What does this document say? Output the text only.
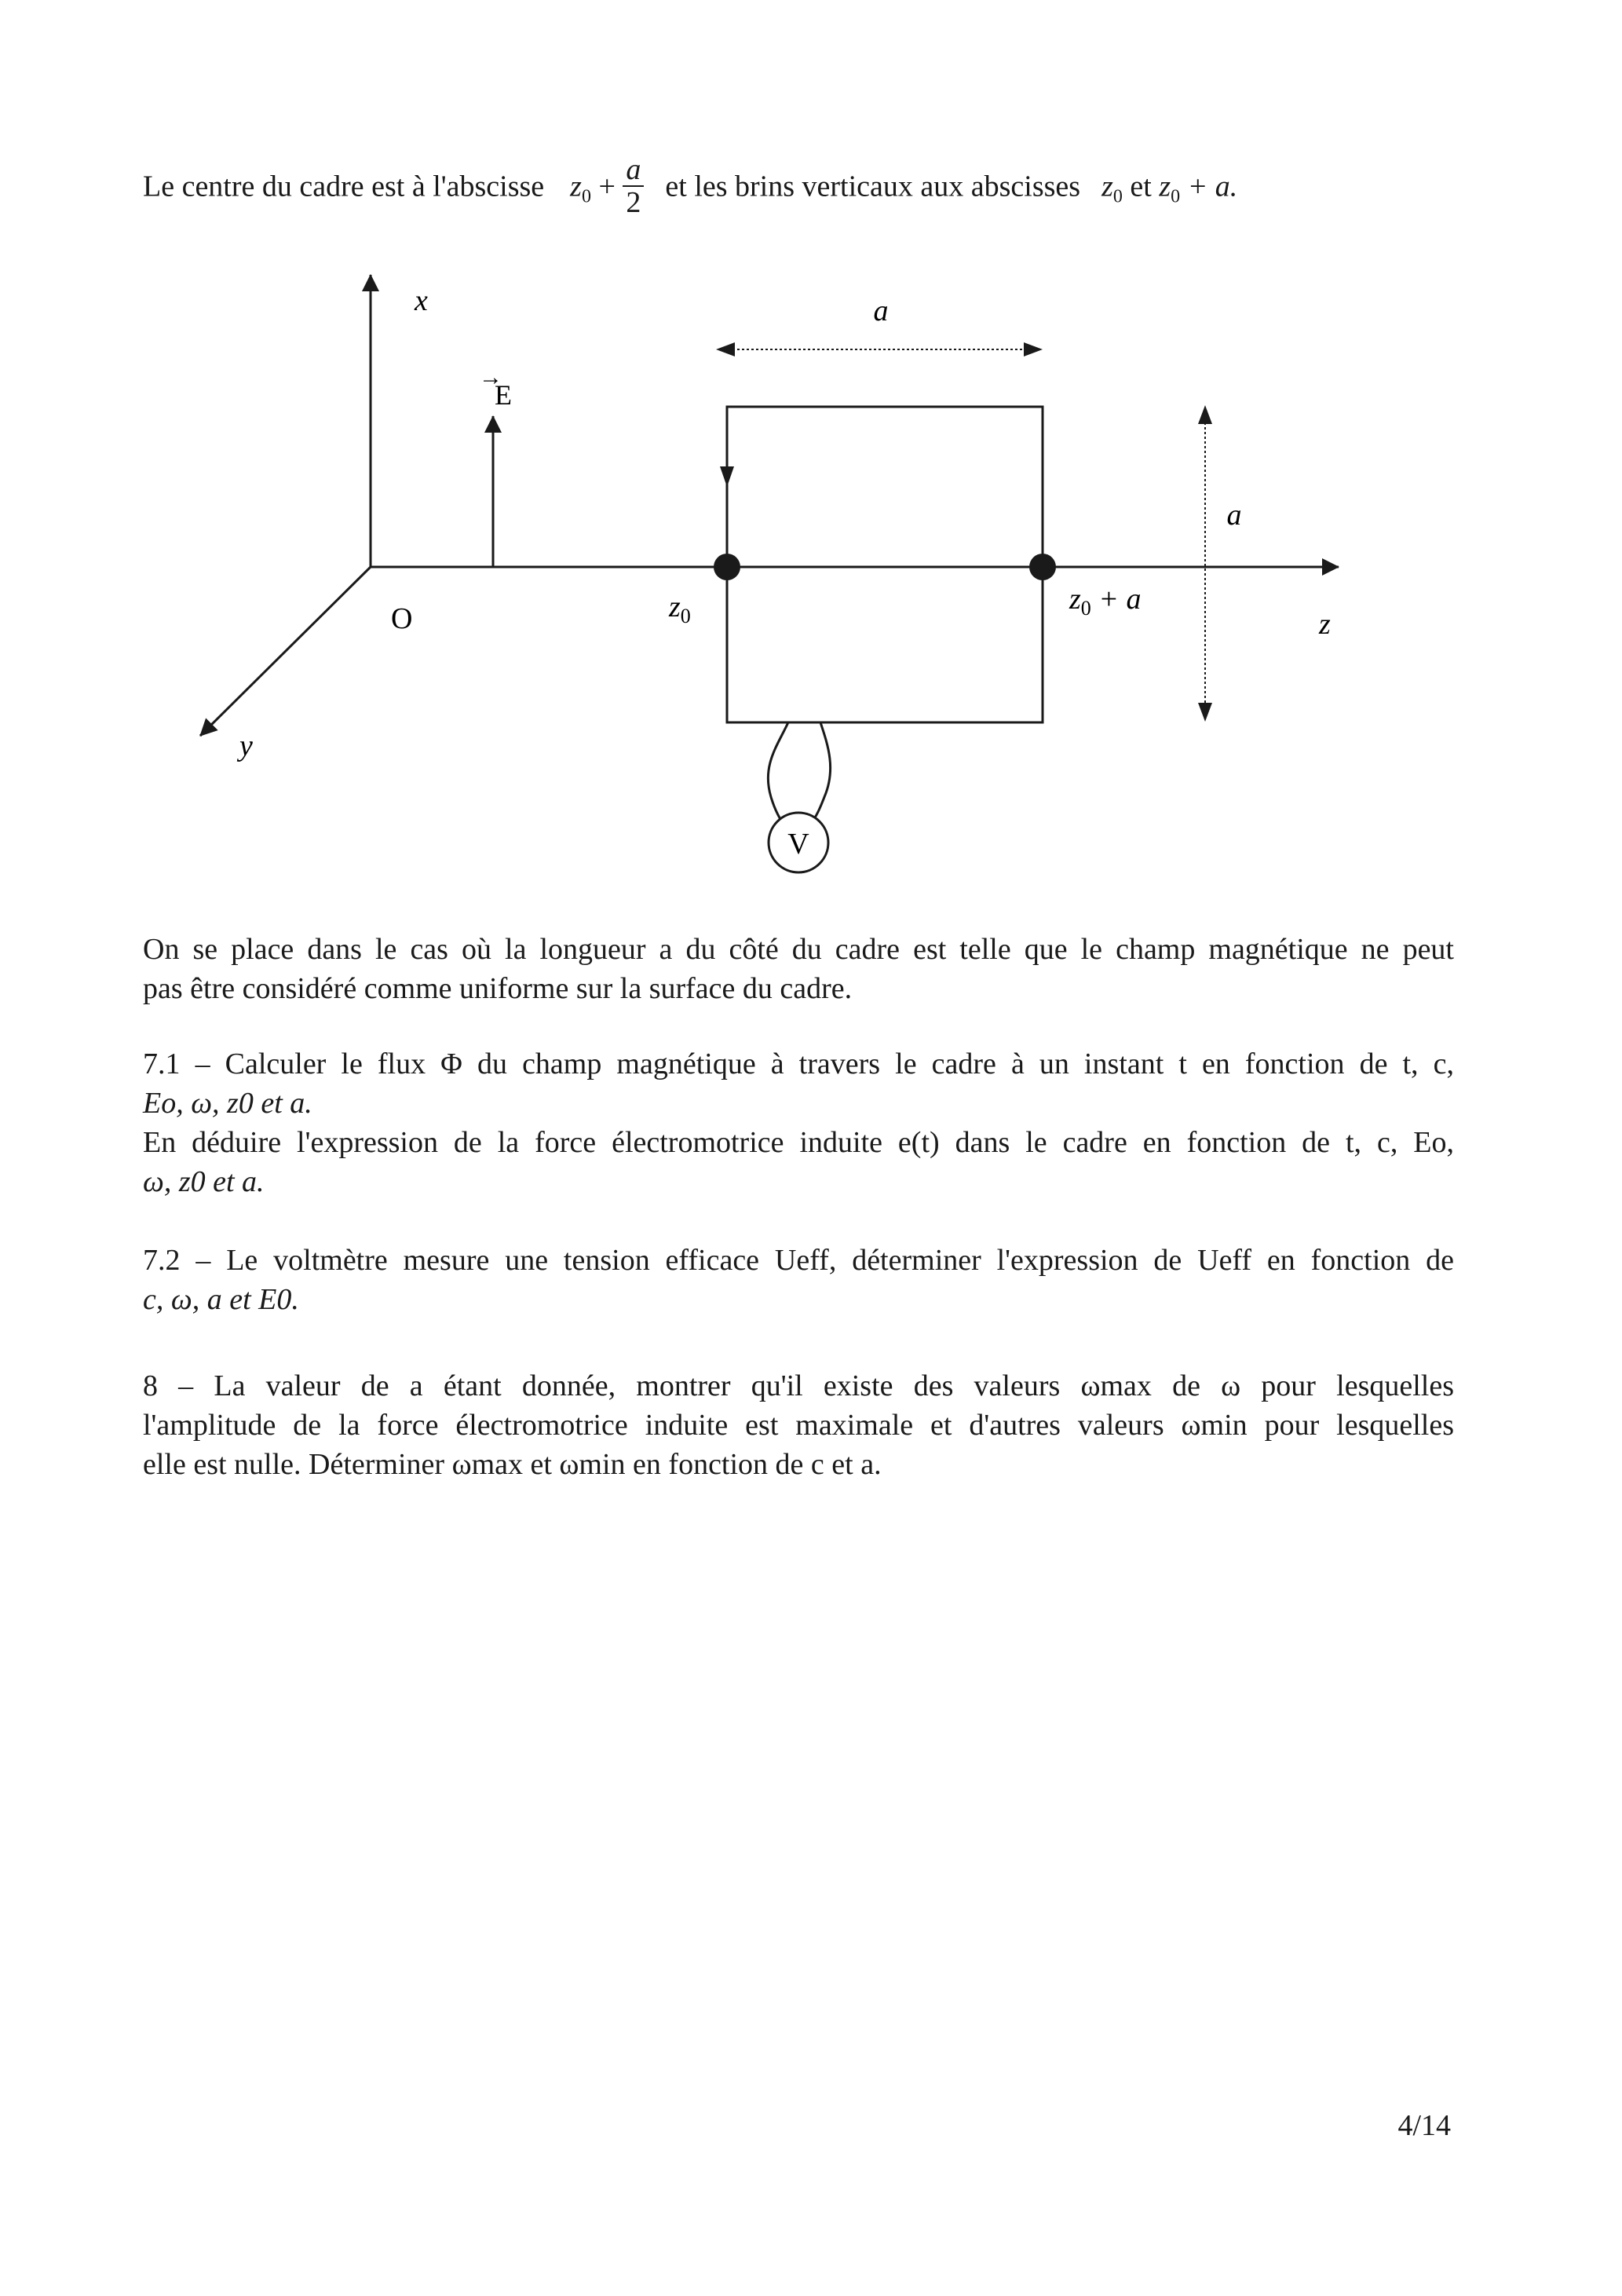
Le centre du cadre est à l'abscisse $z_0 + \frac{a}{2}$ et les brins verticaux aux abscisses $z_0$ et $z_0 + a$.
x
y
z
O
→
E
a
$z_0$
$z_0 + a$
a
V
On se place dans le cas où la longueur a du côté du cadre est telle que le champ magnétique ne peut
pas être considéré comme uniforme sur la surface du cadre.
7.1 – Calculer le flux Φ du champ magnétique à travers le cadre à un instant t en fonction de t, c,
Eo, ω, z0 et a.
En déduire l'expression de la force électromotrice induite e(t) dans le cadre en fonction de t, c, Eo,
ω, z0 et a.
7.2 – Le voltmètre mesure une tension efficace Ueff, déterminer l'expression de Ueff en fonction de
c, ω, a et E0.
8 – La valeur de a étant donnée, montrer qu'il existe des valeurs ωmax de ω pour lesquelles
l'amplitude de la force électromotrice induite est maximale et d'autres valeurs ωmin pour lesquelles
elle est nulle. Déterminer ωmax et ωmin en fonction de c et a.
4/14
